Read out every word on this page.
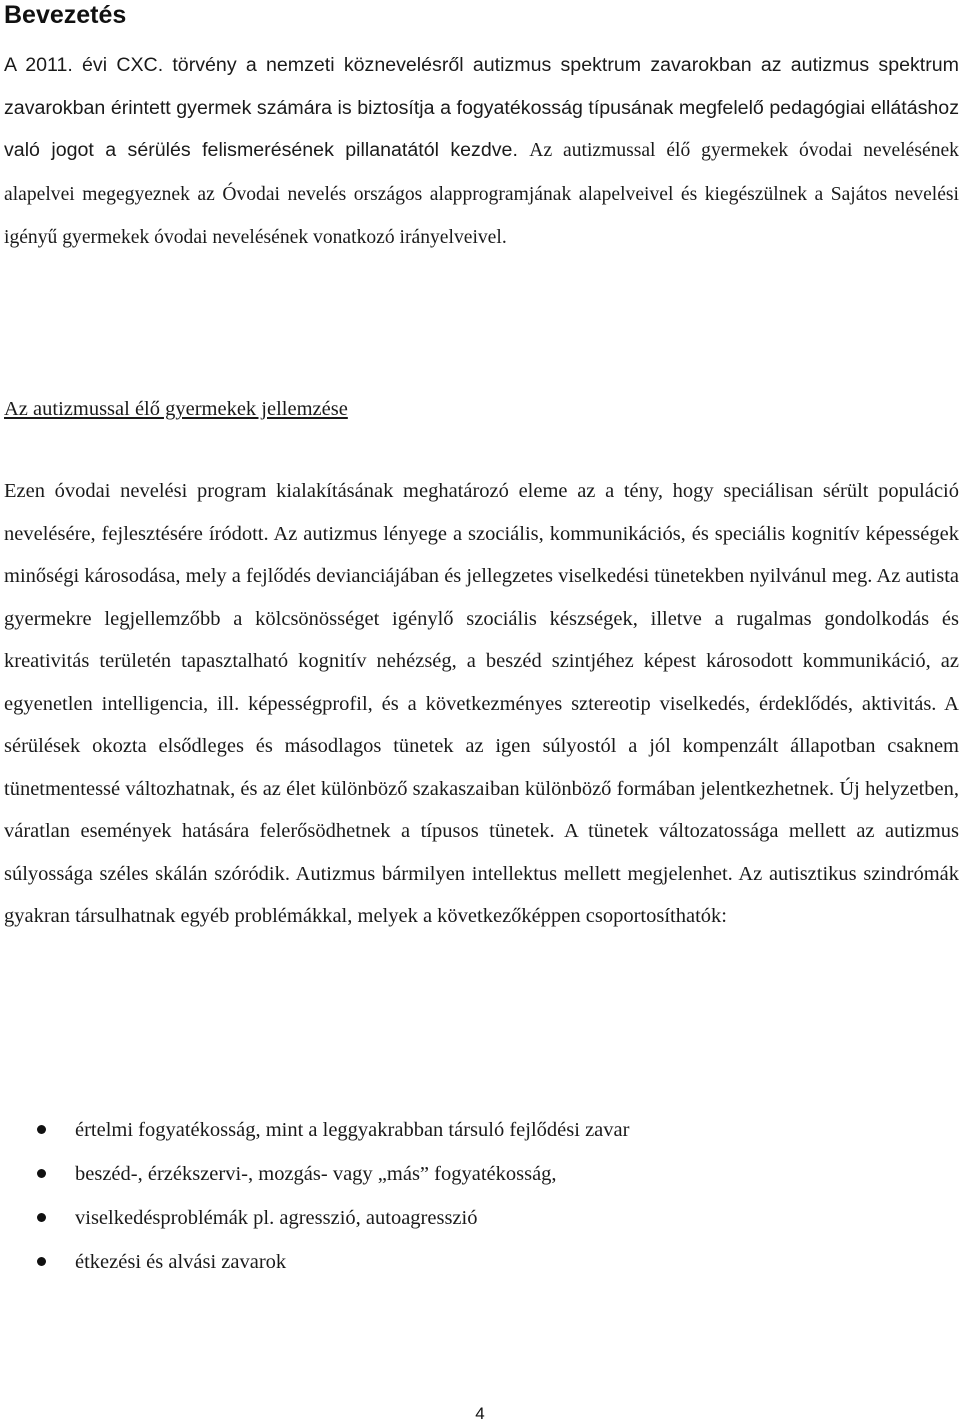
Bevezetés

A 2011. évi CXC. törvény a nemzeti köznevelésről autizmus spektrum zavarokban az autizmus spektrum zavarokban érintett gyermek számára is biztosítja a fogyatékosság típusának megfelelő pedagógiai ellátáshoz való jogot a sérülés felismerésének pillanatától kezdve. Az autizmussal élő gyermekek óvodai nevelésének alapelvei megegyeznek az Óvodai nevelés országos alapprogramjának alapelveivel és kiegészülnek a Sajátos nevelési igényű gyermekek óvodai nevelésének vonatkozó irányelveivel.

Az autizmussal élő gyermekek jellemzése

Ezen óvodai nevelési program kialakításának meghatározó eleme az a tény, hogy speciálisan sérült populáció nevelésére, fejlesztésére íródott. Az autizmus lényege a szociális, kommunikációs, és speciális kognitív képességek minőségi károsodása, mely a fejlődés devianciájában és jellegzetes viselkedési tünetekben nyilvánul meg. Az autista gyermekre legjellemzőbb a kölcsönösséget igénylő szociális készségek, illetve a rugalmas gondolkodás és kreativitás területén tapasztalható kognitív nehézség, a beszéd szintjéhez képest károsodott kommunikáció, az egyenetlen intelligencia, ill. képességprofil, és a következményes sztereotip viselkedés, érdeklődés, aktivitás. A sérülések okozta elsődleges és másodlagos tünetek az igen súlyostól a jól kompenzált állapotban csaknem tünetmentessé változhatnak, és az élet különböző szakaszaiban különböző formában jelentkezhetnek. Új helyzetben, váratlan események hatására felerősödhetnek a típusos tünetek. A tünetek változatossága mellett az autizmus súlyossága széles skálán szóródik. Autizmus bármilyen intellektus mellett megjelenhet. Az autisztikus szindrómák gyakran társulhatnak egyéb problémákkal, melyek a következőképpen csoportosíthatók:

értelmi fogyatékosság, mint a leggyakrabban társuló fejlődési zavar
beszéd-, érzékszervi-, mozgás- vagy „más” fogyatékosság,
viselkedésproblémák pl. agresszió, autoagresszió
étkezési és alvási zavarok
4
